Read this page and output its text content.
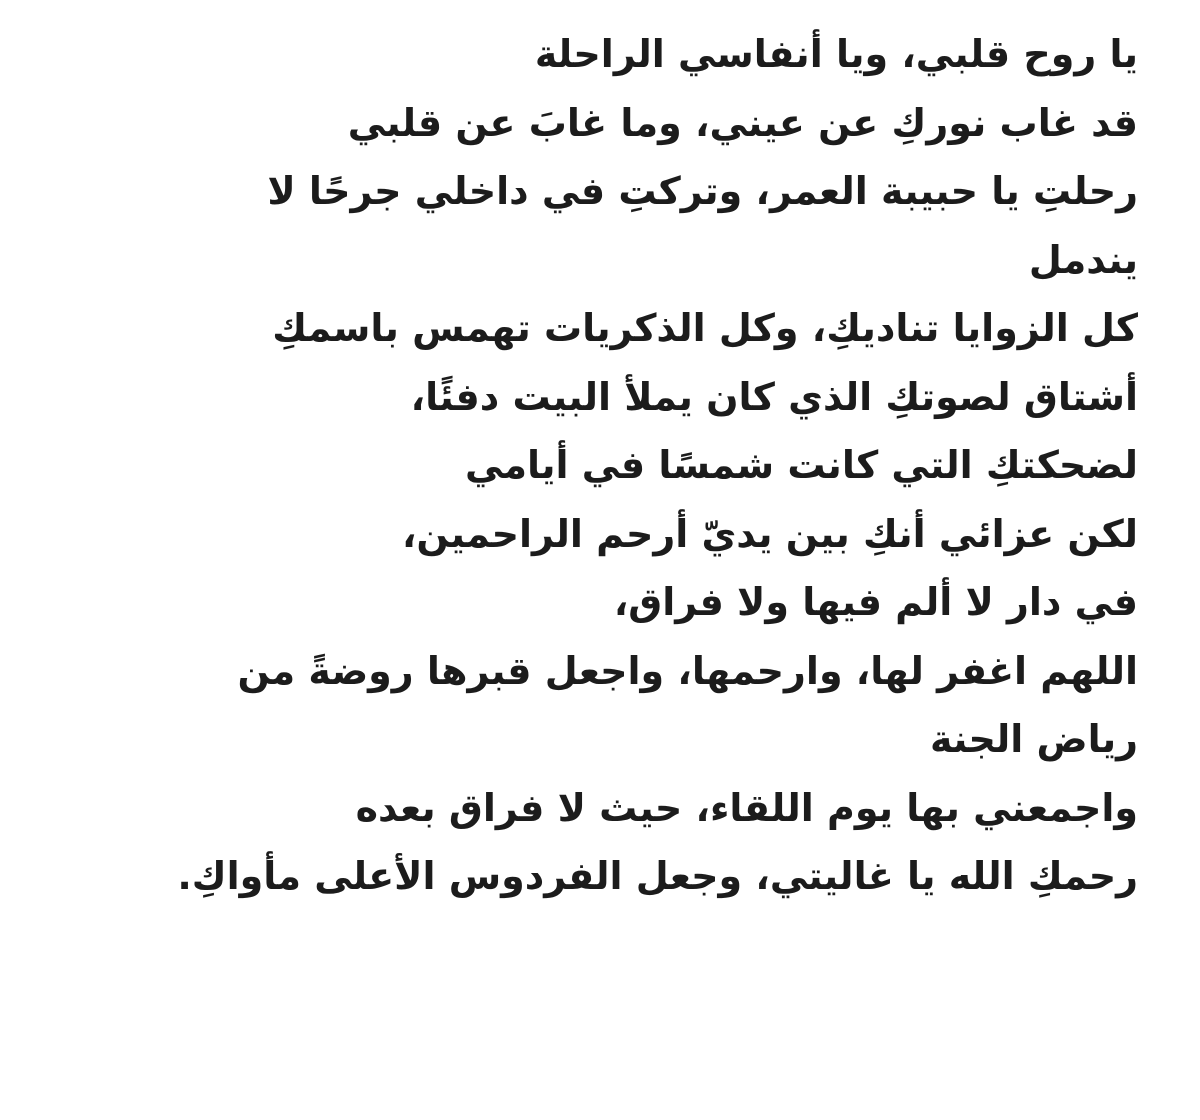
يا روح قلبي، ويا أنفاسي الراحلة

قد غاب نوركِ عن عيني، وما غابَ عن قلبي

رحلتِ يا حبيبة العمر، وتركتِ في داخلي جرحًا لا

يندمل

كل الزوايا تناديكِ، وكل الذكريات تهمس باسمكِ

أشتاق لصوتكِ الذي كان يملأ البيت دفئًا،

لضحكتكِ التي كانت شمسًا في أيامي

لكن عزائي أنكِ بين يديّ أرحم الراحمين،

في دار لا ألم فيها ولا فراق،

اللهم اغفر لها، وارحمها، واجعل قبرها روضةً من

رياض الجنة

واجمعني بها يوم اللقاء، حيث لا فراق بعده

رحمكِ الله يا غاليتي، وجعل الفردوس الأعلى مأواكِ.
